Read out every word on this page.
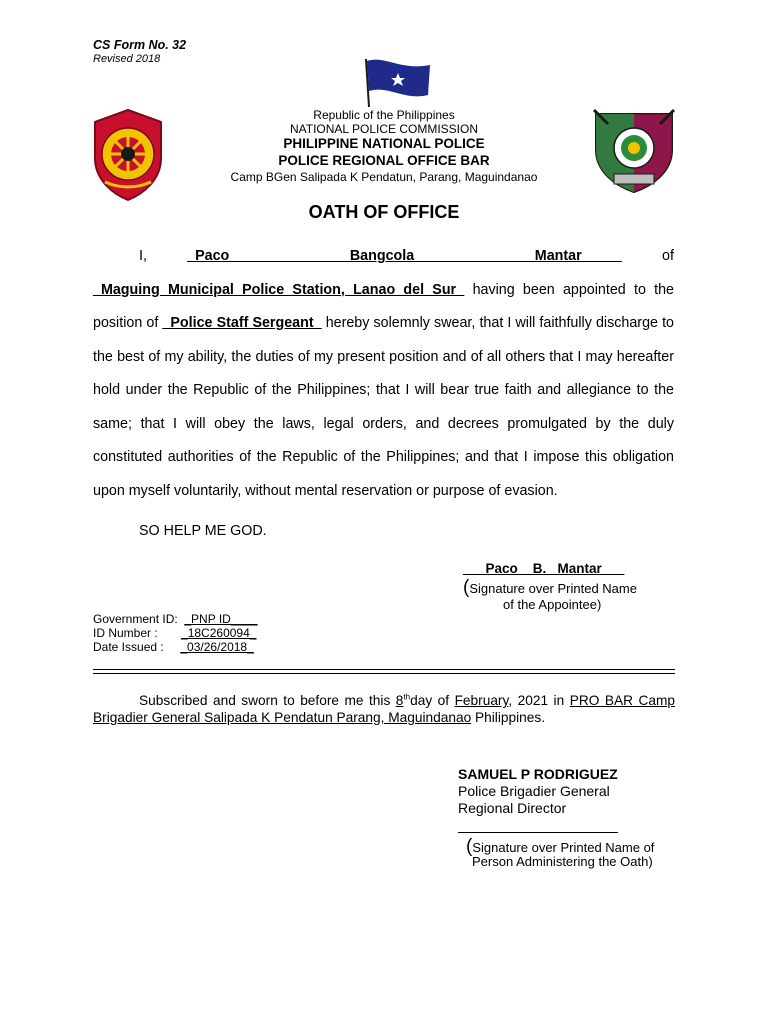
CS Form No. 32
Revised 2018
Republic of the Philippines
NATIONAL POLICE COMMISSION
PHILIPPINE NATIONAL POLICE
POLICE REGIONAL OFFICE BAR
Camp BGen Salipada K Pendatun, Parang, Maguindanao
OATH OF OFFICE

I, _Paco   Bangcola   Mantar  of _Maguing Municipal Police Station, Lanao del Sur  having been appointed to the position of _Police Staff Sergeant_ hereby solemnly swear, that I will faithfully discharge to the best of my ability, the duties of my present position and of all others that I may hereafter hold under the Republic of the Philippines; that I will bear true faith and allegiance to the same; that I will obey the laws, legal orders, and decrees promulgated by the duly constituted authorities of the Republic of the Philippines; and that I impose this obligation upon myself voluntarily, without mental reservation or purpose of evasion.

SO HELP ME GOD.
___Paco    B.   Mantar___
(Signature over Printed Name
of the Appointee)
Government ID:  _PNP ID____
ID Number :       _18C260094_
Date Issued :     _03/26/2018_
Subscribed and sworn to before me this 8thday of February, 2021 in PRO BAR Camp Brigadier General Salipada K Pendatun Parang, Maguindanao Philippines.
SAMUEL P RODRIGUEZ
Police Brigadier General
Regional Director
(Signature over Printed Name of
Person Administering the Oath)
